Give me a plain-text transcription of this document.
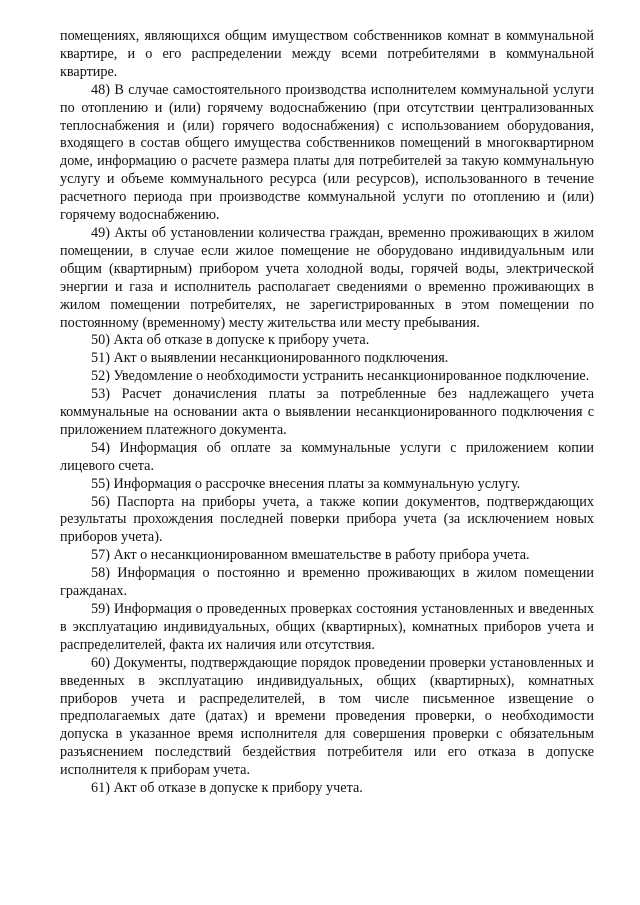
помещениях, являющихся общим имуществом собственников комнат в коммунальной квартире, и о его распределении между всеми потребителями в коммунальной квартире.

48) В случае самостоятельного производства исполнителем коммунальной услуги по отоплению и (или) горячему водоснабжению (при отсутствии централизованных теплоснабжения и (или) горячего водоснабжения) с использованием оборудования, входящего в состав общего имущества собственников помещений в многоквартирном доме, информацию о расчете размера платы для потребителей за такую коммунальную услугу и объеме коммунального ресурса (или ресурсов), использованного в течение расчетного периода при производстве коммунальной услуги по отоплению и (или) горячему водоснабжению.

49) Акты об установлении количества граждан, временно проживающих в жилом помещении, в случае если жилое помещение не оборудовано индивидуальным или общим (квартирным) прибором учета холодной воды, горячей воды, электрической энергии и газа и исполнитель располагает сведениями о временно проживающих в жилом помещении потребителях, не зарегистрированных в этом помещении по постоянному (временному) месту жительства или месту пребывания.

50) Акта об отказе в допуске к прибору учета.

51) Акт о выявлении несанкционированного подключения.

52) Уведомление о необходимости устранить несанкционированное подключение.

53) Расчет доначисления платы за потребленные без надлежащего учета коммунальные на основании акта о выявлении несанкционированного подключения с приложением платежного документа.

54) Информация об оплате за коммунальные услуги с приложением копии лицевого счета.

55) Информация о рассрочке внесения платы за коммунальную услугу.

56) Паспорта на приборы учета, а также копии документов, подтверждающих результаты прохождения последней поверки прибора учета (за исключением новых приборов учета).

57) Акт о несанкционированном вмешательстве в работу прибора учета.

58) Информация о постоянно и временно проживающих в жилом помещении гражданах.

59) Информация о проведенных проверках состояния установленных и введенных в эксплуатацию индивидуальных, общих (квартирных), комнатных приборов учета и распределителей, факта их наличия или отсутствия.

60) Документы, подтверждающие порядок проведении проверки установленных и введенных в эксплуатацию индивидуальных, общих (квартирных), комнатных приборов учета и распределителей, в том числе письменное извещение о предполагаемых дате (датах) и времени проведения проверки, о необходимости допуска в указанное время исполнителя для совершения проверки с обязательным разъяснением последствий бездействия потребителя или его отказа в допуске исполнителя к приборам учета.

61) Акт об отказе в допуске к прибору учета.
